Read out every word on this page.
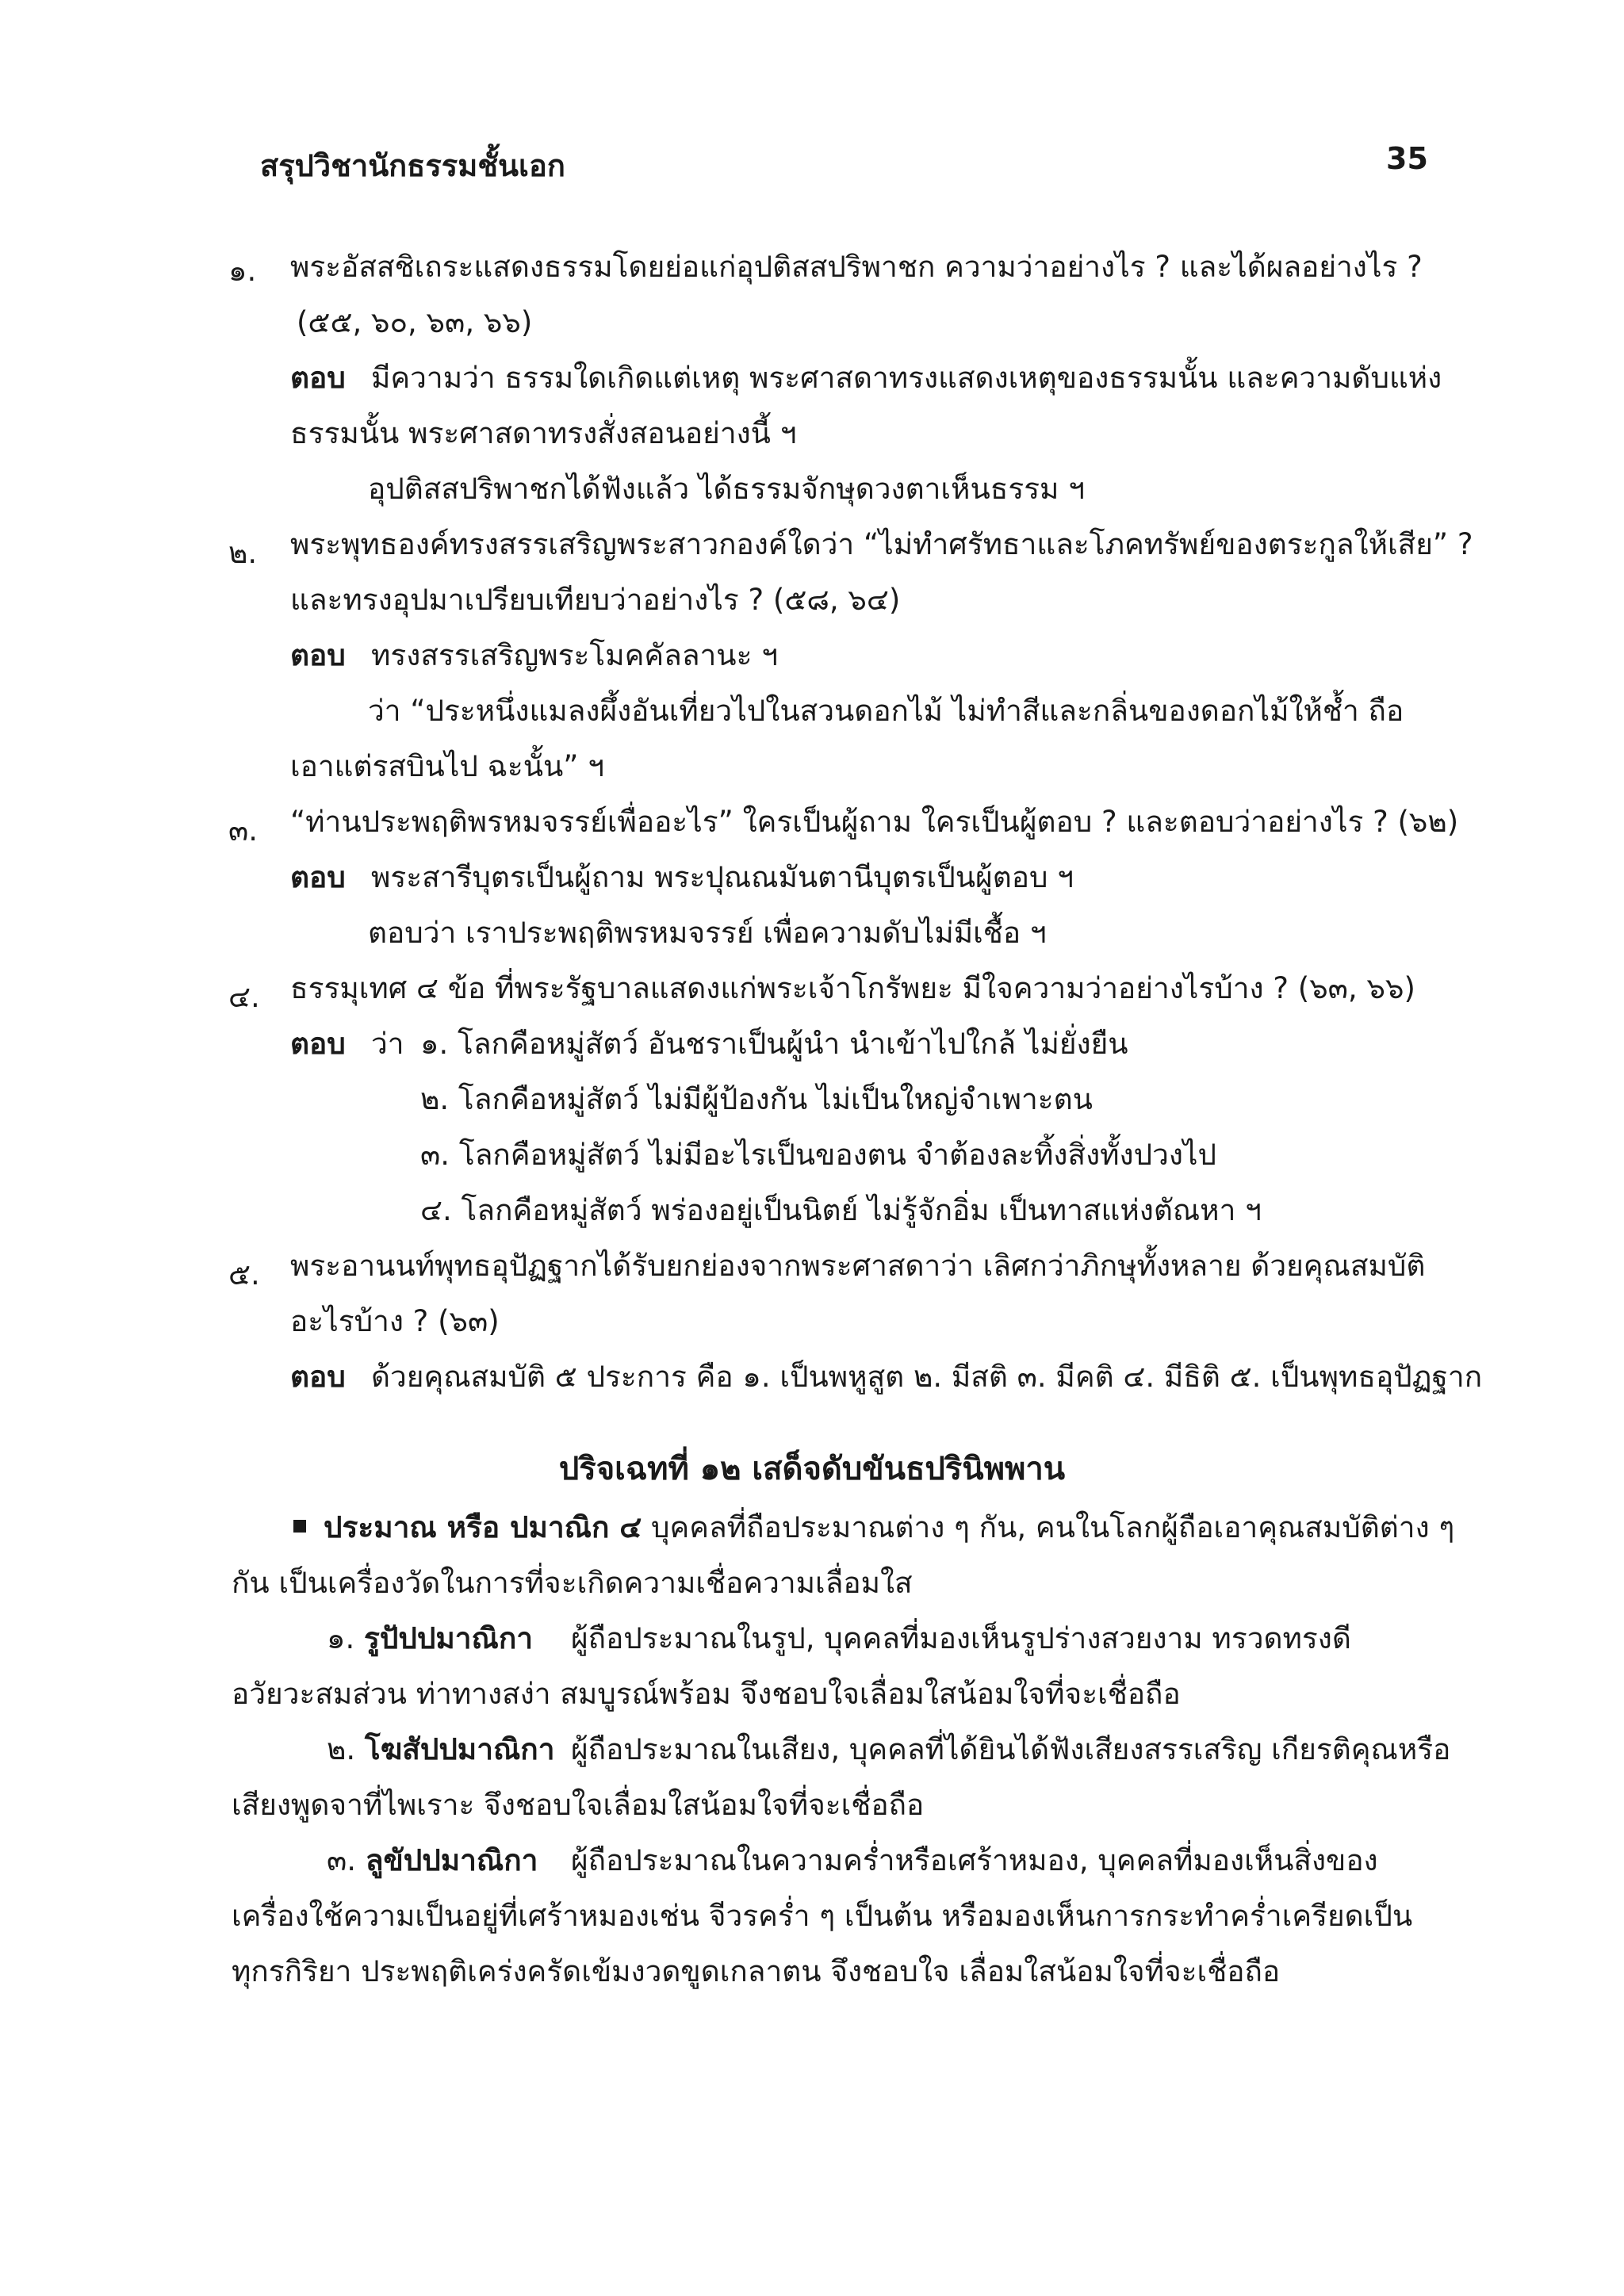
สรุปวิชานักธรรมชั้นเอก	35
๑. พระอัสสชิเถระแสดงธรรมโดยย่อแก่อุปติสสปริพาชก ความว่าอย่างไร ? และได้ผลอย่างไร ?
(๕๕, ๖๐, ๖๓, ๖๖)
ตอบ มีความว่า ธรรมใดเกิดแต่เหตุ พระศาสดาทรงแสดงเหตุของธรรมนั้น และความดับแห่ง
ธรรมนั้น พระศาสดาทรงสั่งสอนอย่างนี้ ฯ
อุปติสสปริพาชกได้ฟังแล้ว ได้ธรรมจักษุดวงตาเห็นธรรม ฯ
๒. พระพุทธองค์ทรงสรรเสริญพระสาวกองค์ใดว่า “ไม่ทำศรัทธาและโภคทรัพย์ของตระกูลให้เสีย” ?
และทรงอุปมาเปรียบเทียบว่าอย่างไร ? (๕๘, ๖๔)
ตอบ ทรงสรรเสริญพระโมคคัลลานะ ฯ
ว่า “ประหนึ่งแมลงผึ้งอันเที่ยวไปในสวนดอกไม้ ไม่ทำสีและกลิ่นของดอกไม้ให้ช้ำ ถือ
เอาแต่รสบินไป ฉะนั้น” ฯ
๓. “ท่านประพฤติพรหมจรรย์เพื่ออะไร” ใครเป็นผู้ถาม ใครเป็นผู้ตอบ ? และตอบว่าอย่างไร ? (๖๒)
ตอบ พระสารีบุตรเป็นผู้ถาม พระปุณณมันตานีบุตรเป็นผู้ตอบ ฯ
ตอบว่า เราประพฤติพรหมจรรย์ เพื่อความดับไม่มีเชื้อ ฯ
๔. ธรรมุเทศ ๔ ข้อ ที่พระรัฐบาลแสดงแก่พระเจ้าโกรัพยะ มีใจความว่าอย่างไรบ้าง ? (๖๓, ๖๖)
ตอบ ว่า ๑. โลกคือหมู่สัตว์ อันชราเป็นผู้นำ นำเข้าไปใกล้ ไม่ยั่งยืน
๒. โลกคือหมู่สัตว์ ไม่มีผู้ป้องกัน ไม่เป็นใหญ่จำเพาะตน
๓. โลกคือหมู่สัตว์ ไม่มีอะไรเป็นของตน จำต้องละทิ้งสิ่งทั้งปวงไป
๔. โลกคือหมู่สัตว์ พร่องอยู่เป็นนิตย์ ไม่รู้จักอิ่ม เป็นทาสแห่งตัณหา ฯ
๕. พระอานนท์พุทธอุปัฏฐากได้รับยกย่องจากพระศาสดาว่า เลิศกว่าภิกษุทั้งหลาย ด้วยคุณสมบัติ
อะไรบ้าง ? (๖๓)
ตอบ ด้วยคุณสมบัติ ๕ ประการ คือ ๑. เป็นพหูสูต ๒. มีสติ ๓. มีคติ ๔. มีธิติ ๕. เป็นพุทธอุปัฏฐาก
ปริจเฉทที่ ๑๒ เสด็จดับขันธปรินิพพาน
ประมาณ หรือ ปมาณิก ๔ บุคคลที่ถือประมาณต่าง ๆ กัน, คนในโลกผู้ถือเอาคุณสมบัติต่าง ๆ
กัน เป็นเครื่องวัดในการที่จะเกิดความเชื่อความเลื่อมใส
๑. รูปัปปมาณิกา ผู้ถือประมาณในรูป, บุคคลที่มองเห็นรูปร่างสวยงาม ทรวดทรงดี
อวัยวะสมส่วน ท่าทางสง่า สมบูรณ์พร้อม จึงชอบใจเลื่อมใสน้อมใจที่จะเชื่อถือ
๒. โฆสัปปมาณิกา ผู้ถือประมาณในเสียง, บุคคลที่ได้ยินได้ฟังเสียงสรรเสริญ เกียรติคุณหรือ
เสียงพูดจาที่ไพเราะ จึงชอบใจเลื่อมใสน้อมใจที่จะเชื่อถือ
๓. ลูขัปปมาณิกา ผู้ถือประมาณในความคร่ำหรือเศร้าหมอง, บุคคลที่มองเห็นสิ่งของ
เครื่องใช้ความเป็นอยู่ที่เศร้าหมองเช่น จีวรคร่ำ ๆ เป็นต้น หรือมองเห็นการกระทำคร่ำเครียดเป็น
ทุกรกิริยา ประพฤติเคร่งครัดเข้มงวดขูดเกลาตน จึงชอบใจ เลื่อมใสน้อมใจที่จะเชื่อถือ
